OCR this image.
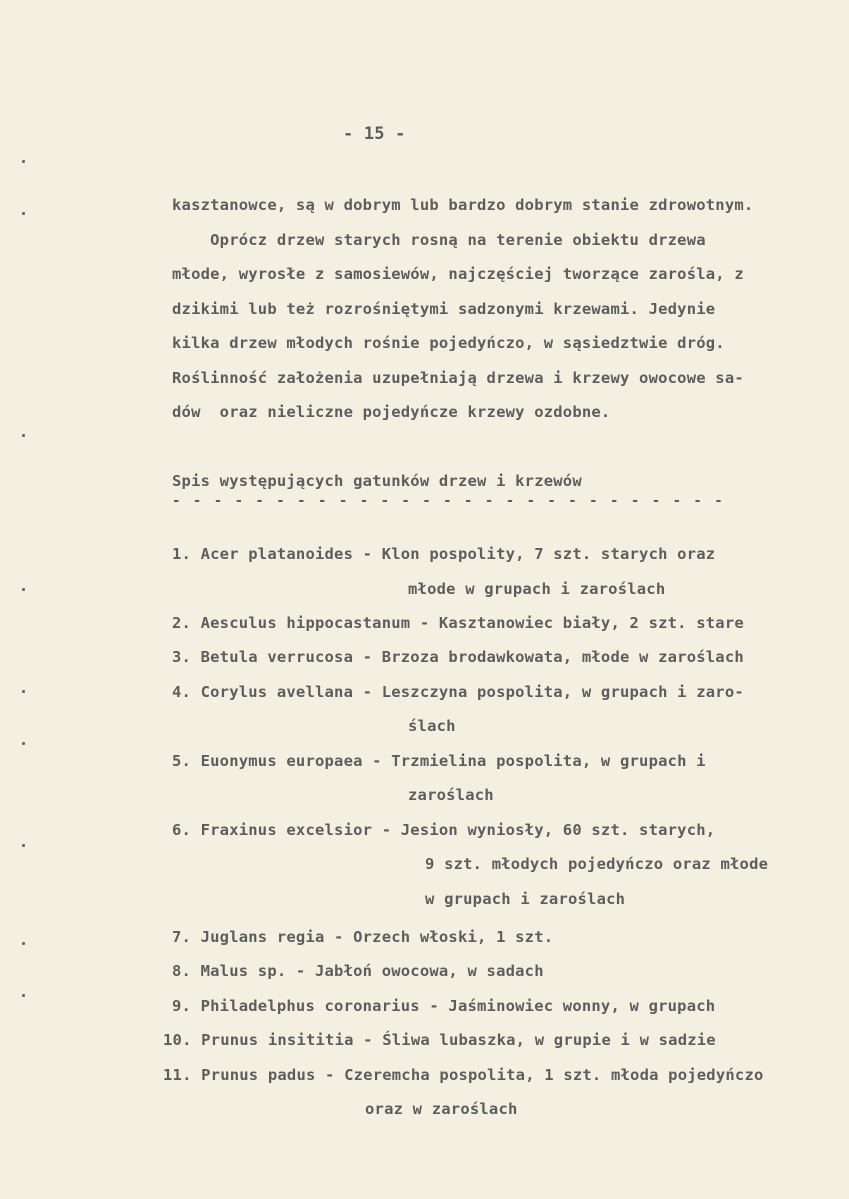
- 15 -
kasztanowce, są w dobrym lub bardzo dobrym stanie zdrowotnym.
Oprócz drzew starych rosną na terenie obiektu drzewa
młode, wyrosłe z samosiewów, najczęściej tworzące zarośla, z
dzikimi lub też rozrośniętymi sadzonymi krzewami. Jedynie
kilka drzew młodych rośnie pojedyńczo, w sąsiedztwie dróg.
Roślinność założenia uzupełniają drzewa i krzewy owocowe sa-
dów  oraz nieliczne pojedyńcze krzewy ozdobne.
Spis występujących gatunków drzew i krzewów
- - - - - - - - - - - - - - - - - - - - - - - - - - -
1. Acer platanoides - Klon pospolity, 7 szt. starych oraz
młode w grupach i zaroślach
2. Aesculus hippocastanum - Kasztanowiec biały, 2 szt. stare
3. Betula verrucosa - Brzoza brodawkowata, młode w zaroślach
4. Corylus avellana - Leszczyna pospolita, w grupach i zaro-
ślach
5. Euonymus europaea - Trzmielina pospolita, w grupach i
zaroślach
6. Fraxinus excelsior - Jesion wyniosły, 60 szt. starych,
9 szt. młodych pojedyńczo oraz młode
w grupach i zaroślach
7. Juglans regia - Orzech włoski, 1 szt.
8. Malus sp. - Jabłoń owocowa, w sadach
9. Philadelphus coronarius - Jaśminowiec wonny, w grupach
10. Prunus insititia - Śliwa lubaszka, w grupie i w sadzie
11. Prunus padus - Czeremcha pospolita, 1 szt. młoda pojedyńczo
oraz w zaroślach
